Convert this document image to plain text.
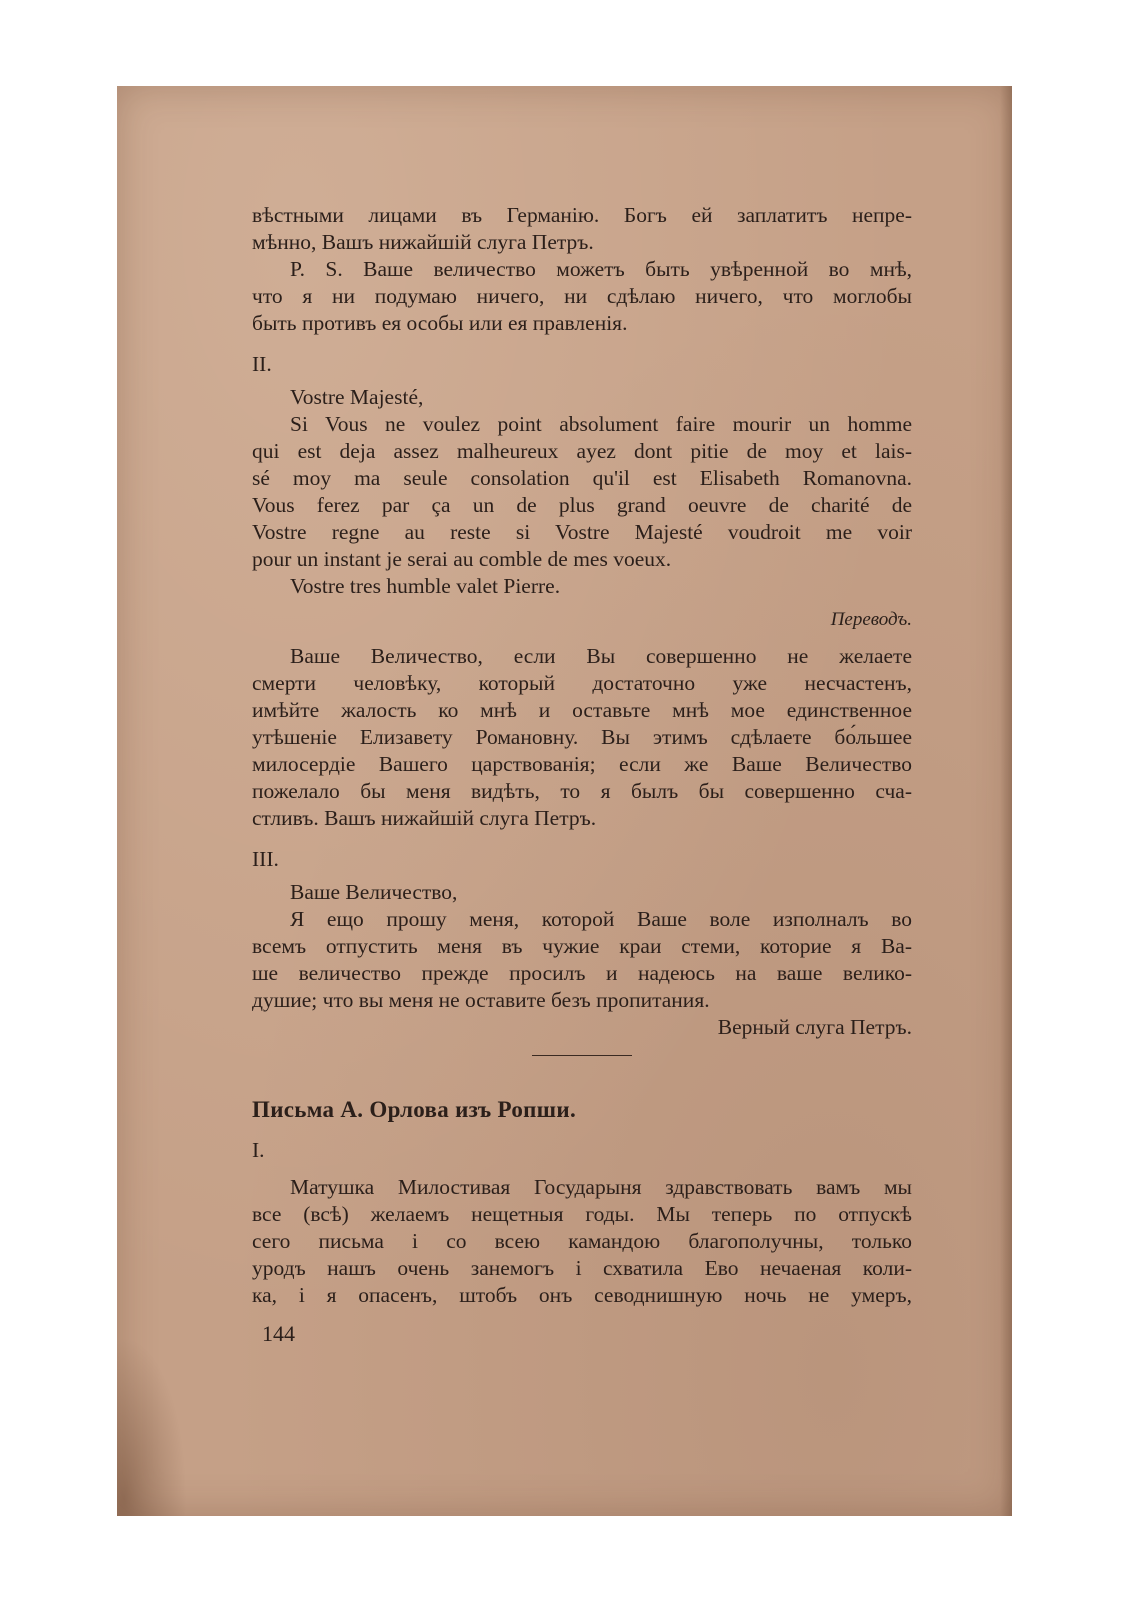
вѣстными лицами въ Германію. Богъ ей заплатитъ непре-
мѣнно, Вашъ нижайшій слуга Петръ.

P. S. Ваше величество можетъ быть увѣренной во мнѣ,
что я ни подумаю ничего, ни сдѣлаю ничего, что моглобы
быть противъ ея особы или ея правленія.

II.

Vostre Majesté,

Si Vous ne voulez point absolument faire mourir un homme
qui est deja assez malheureux ayez dont pitie de moy et lais-
sé moy ma seule consolation qu'il est Elisabeth Romanovna.
Vous ferez par ça un de plus grand oeuvre de charité de
Vostre regne au reste si Vostre Majesté voudroit me voir
pour un instant je serai au comble de mes voeux.

Vostre tres humble valet Pierre.

Переводъ.

Ваше Величество, если Вы совершенно не желаете
смерти человѣку, который достаточно уже несчастенъ,
имѣйте жалость ко мнѣ и оставьте мнѣ мое единственное
утѣшеніе Елизавету Романовну. Вы этимъ сдѣлаете бо́льшее
милосердіе Вашего царствованія; если же Ваше Величество
пожелало бы меня видѣть, то я былъ бы совершенно сча-
стливъ. Вашъ нижайшій слуга Петръ.

III.

Ваше Величество,

Я ещо прошу меня, которой Ваше воле изполналъ во
всемъ отпустить меня въ чужие краи стеми, которие я Ва-
ше величество прежде просилъ и надеюсь на ваше велико-
душие; что вы меня не оставите безъ пропитания.

Верный слуга Петръ.

Письма А. Орлова изъ Ропши.

I.

Матушка Милостивая Государыня здравствовать вамъ мы
все (всѣ) желаемъ нещетныя годы. Мы теперь по отпускѣ
сего письма і со всею камандою благополучны, только
уродъ нашъ очень занемогъ і схватила Ево нечаеная коли-
ка, і я опасенъ, штобъ онъ севоднишную ночь не умеръ,

144
